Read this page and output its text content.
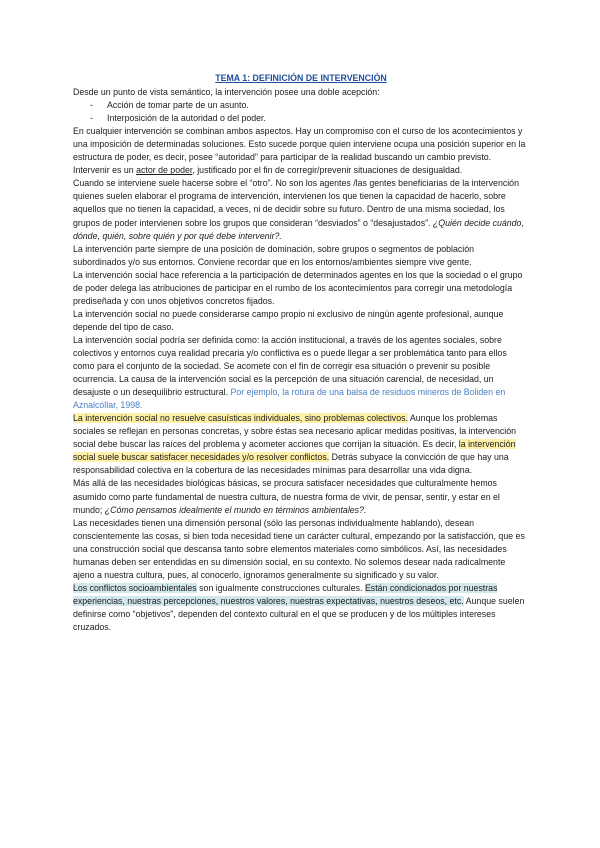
TEMA 1: DEFINICIÓN DE INTERVENCIÓN

Desde un punto de vista semántico, la intervención posee una doble acepción:

- Acción de tomar parte de un asunto.
- Interposición de la autoridad o del poder.

En cualquier intervención se combinan ambos aspectos. Hay un compromiso con el curso de los acontecimientos y una imposición de determinadas soluciones. Esto sucede porque quien interviene ocupa una posición superior en la estructura de poder, es decir, posee “autoridad” para participar de la realidad buscando un cambio previsto.

Intervenir es un actor de poder, justificado por el fin de corregir/prevenir situaciones de desigualdad.

Cuando se interviene suele hacerse sobre el “otro”. No son los agentes /las gentes beneficiarias de la intervención quienes suelen elaborar el programa de intervención, intervienen los que tienen la capacidad de hacerlo, sobre aquellos que no tienen la capacidad, a veces, ni de decidir sobre su futuro. Dentro de una misma sociedad, los grupos de poder intervienen sobre los grupos que consideran “desviados” o “desajustados”. ¿Quién decide cuándo, dónde, quién, sobre quién y por qué debe intervenir?.

La intervención parte siempre de una posición de dominación, sobre grupos o segmentos de población subordinados y/o sus entornos. Conviene recordar que en los entornos/ambientes siempre vive gente.

La intervención social hace referencia a la participación de determinados agentes en los que la sociedad o el grupo de poder delega las atribuciones de participar en el rumbo de los acontecimientos para corregir una metodología prediseñada y con unos objetivos concretos fijados.

La intervención social no puede considerarse campo propio ni exclusivo de ningún agente profesional, aunque depende del tipo de caso.

La intervención social podría ser definida como: la acción institucional, a través de los agentes sociales, sobre colectivos y entornos cuya realidad precaria y/o conflictiva es o puede llegar a ser problemática tanto para ellos como para el conjunto de la sociedad. Se acomete con el fin de corregir esa situación o prevenir su posible ocurrencia. La causa de la intervención social es la percepción de una situación carencial, de necesidad, un desajuste o un desequilibrio estructural. Por ejemplo, la rotura de una balsa de residuos mineros de Boliden en Aznalcóllar, 1998.

La intervención social no resuelve casuísticas individuales, sino problemas colectivos. Aunque los problemas sociales se reflejan en personas concretas, y sobre éstas sea necesario aplicar medidas positivas, la intervención social debe buscar las raíces del problema y acometer acciones que corrijan la situación. Es decir, la intervención social suele buscar satisfacer necesidades y/o resolver conflictos. Detrás subyace la convicción de que hay una responsabilidad colectiva en la cobertura de las necesidades mínimas para desarrollar una vida digna.

Más allá de las necesidades biológicas básicas, se procura satisfacer necesidades que culturalmente hemos asumido como parte fundamental de nuestra cultura, de nuestra forma de vivir, de pensar, sentir, y estar en el mundo; ¿Cómo pensamos idealmente el mundo en términos ambientales?.

Las necesidades tienen una dimensión personal (sólo las personas individualmente hablando), desean conscientemente las cosas, si bien toda necesidad tiene un carácter cultural, empezando por la satisfacción, que es una construcción social que descansa tanto sobre elementos materiales como simbólicos. Así, las necesidades humanas deben ser entendidas en su dimensión social, en su contexto. No solemos desear nada radicalmente ajeno a nuestra cultura, pues, al conocerlo, ignoramos generalmente su significado y su valor.

Los conflictos socioambientales son igualmente construcciones culturales. Están condicionados por nuestras experiencias, nuestras percepciones, nuestros valores, nuestras expectativas, nuestros deseos, etc. Aunque suelen definirse como “objetivos”, dependen del contexto cultural en el que se producen y de los múltiples intereses cruzados.
